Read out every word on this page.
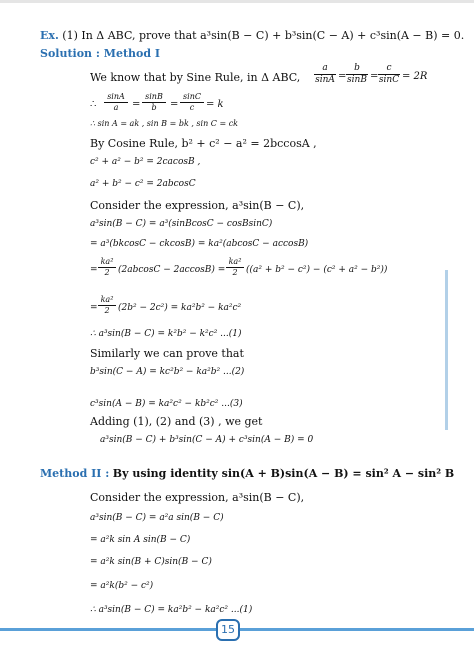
Ex. (1) In Δ ABC, prove that a³sin(B − C) + b³sin(C − A) + c³sin(A − B) = 0.
Solution : Method I
We know that by Sine Rule, in Δ ABC,
a
sinA =
b
sinB =
c
sinC = 2R
∴
sinA
a	=
sinB
b	=
sinC
c	= k
∴ sin A = ak , sin B = bk , sin C = ck
By Cosine Rule, b² + c² − a² = 2bccosA ,
c² + a² − b² = 2cacosB ,
a² + b² − c² = 2abcosC
Consider the expression, a³sin(B − C),
a³sin(B − C) = a³(sinBcosC − cosBsinC)
= a³(bkcosC − ckcosB) = ka²(abcosC − accosB)
=
ka²
2 (2abcosC − 2accosB) =
ka²
2 ((a² + b² − c²) − (c² + a² − b²))
=
ka²
2 (2b² − 2c²) = ka²b² − ka²c²
∴ a³sin(B − C) = k²b² − k²c² ...(1)
Similarly we can prove that
b³sin(C − A) = kc²b² − ka²b² ...(2)
c³sin(A − B) = ka²c² − kb²c² ...(3)
Adding (1), (2) and (3) , we get
a³sin(B − C) + b³sin(C − A) + c³sin(A − B) = 0
Method II : By using identity sin(A + B)sin(A − B) = sin² A − sin² B
Consider the expression, a³sin(B − C),
a³sin(B − C) = a²a sin(B − C)
= a²k sin A sin(B − C)
= a²k sin(B + C)sin(B − C)
= a²k(b² − c²)
∴ a³sin(B − C) = ka²b² − ka²c² ...(1)
15
